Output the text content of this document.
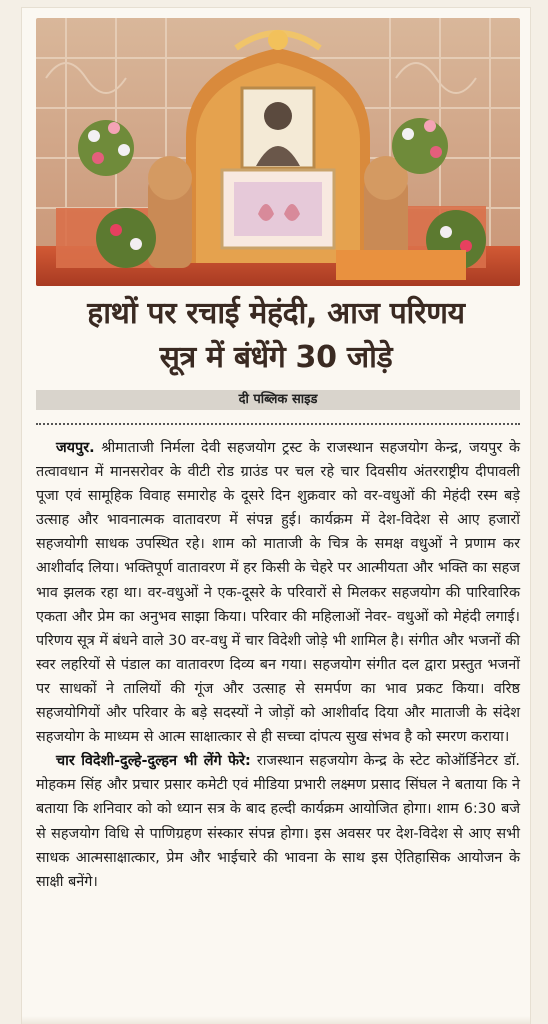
हाथों पर रचाई मेहंदी, आज परिणय
सूत्र में बंधेंगे 30 जोड़े
दी पब्लिक साइड

जयपुर. श्रीमाताजी निर्मला देवी सहजयोग ट्रस्ट के राजस्थान सहजयोग केन्द्र, जयपुर के तत्वावधान में मानसरोवर के वीटी रोड ग्राउंड पर चल रहे चार दिवसीय अंतरराष्ट्रीय दीपावली पूजा एवं सामूहिक विवाह समारोह के दूसरे दिन शुक्रवार को वर-वधुओं की मेहंदी रस्म बड़े उत्साह और भावनात्मक वातावरण में संपन्न हुई। कार्यक्रम में देश-विदेश से आए हजारों सहजयोगी साधक उपस्थित रहे। शाम को माताजी के चित्र के समक्ष वधुओं ने प्रणाम कर आशीर्वाद लिया। भक्तिपूर्ण वातावरण में हर किसी के चेहरे पर आत्मीयता और भक्ति का सहज भाव झलक रहा था। वर-वधुओं ने एक-दूसरे के परिवारों से मिलकर सहजयोग की पारिवारिक एकता और प्रेम का अनुभव साझा किया। परिवार की महिलाओं नेवर- वधुओं को मेहंदी लगाई। परिणय सूत्र में बंधने वाले 30 वर-वधु में चार विदेशी जोड़े भी शामिल है। संगीत और भजनों की स्वर लहरियों से पंडाल का वातावरण दिव्य बन गया। सहजयोग संगीत दल द्वारा प्रस्तुत भजनों पर साधकों ने तालियों की गूंज और उत्साह से समर्पण का भाव प्रकट किया। वरिष्ठ सहजयोगियों और परिवार के बड़े सदस्यों ने जोड़ों को आशीर्वाद दिया और माताजी के संदेश सहजयोग के माध्यम से आत्म साक्षात्कार से ही सच्चा दांपत्य सुख संभव है को स्मरण कराया।

चार विदेशी-दुल्हे-दुल्हन भी लेंगे फेरे: राजस्थान सहजयोग केन्द्र के स्टेट कोऑर्डिनेटर डॉ. मोहकम सिंह और प्रचार प्रसार कमेटी एवं मीडिया प्रभारी लक्ष्मण प्रसाद सिंघल ने बताया कि ने बताया कि शनिवार को को ध्यान सत्र के बाद हल्दी कार्यक्रम आयोजित होगा। शाम 6:30 बजे से सहजयोग विधि से पाणिग्रहण संस्कार संपन्न होगा। इस अवसर पर देश-विदेश से आए सभी साधक आत्मसाक्षात्कार, प्रेम और भाईचारे की भावना के साथ इस ऐतिहासिक आयोजन के साक्षी बनेंगे।
